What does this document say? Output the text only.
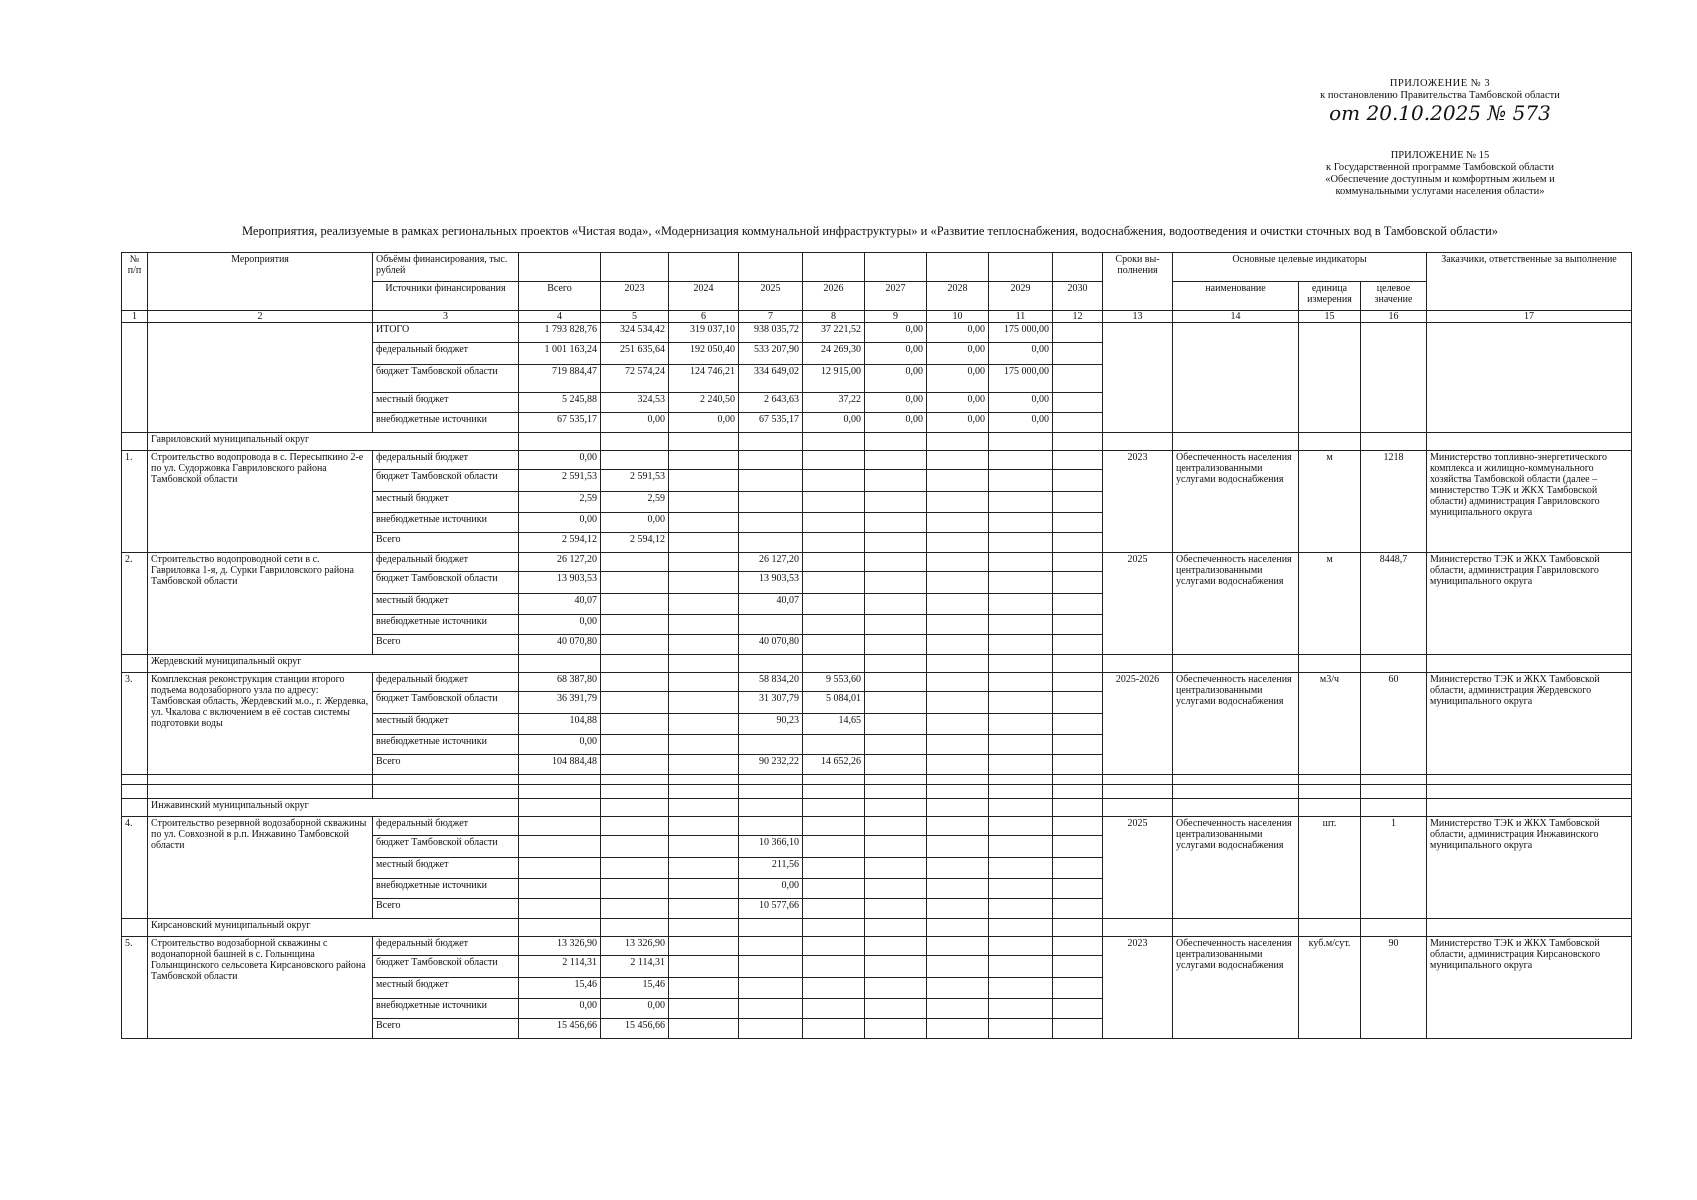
ПРИЛОЖЕНИЕ № 3
к постановлению Правительства Тамбовской области
от 20.10.2025 № 573
ПРИЛОЖЕНИЕ № 15
к Государственной программе Тамбовской области
«Обеспечение доступным и комфортным жильем и
коммунальными услугами населения области»
Мероприятия, реализуемые в рамках региональных проектов «Чистая вода», «Модернизация коммунальной инфраструктуры» и «Развитие теплоснабжения, водоснабжения, водоотведения и очистки сточных вод в Тамбовской области»
№ п/п	Мероприятия	Объёмы финансирования, тыс. рублей										Сроки вы- полнения	Основные целевые индикаторы			Заказчики, ответственные за выполнение
		Источники финансирования	Всего	2023	2024	2025	2026	2027	2028	2029	2030		наименование	единица измерения	целевое значение	
1	2	3	4	5	6	7	8	9	10	11	12	13	14	15	16	17
		ИТОГО	1 793 828,76	324 534,42	319 037,10	938 035,72	37 221,52	0,00	0,00	175 000,00						
		федеральный бюджет	1 001 163,24	251 635,64	192 050,40	533 207,90	24 269,30	0,00	0,00	0,00						
		бюджет Тамбовской области	719 884,47	72 574,24	124 746,21	334 649,02	12 915,00	0,00	0,00	175 000,00						
		местный бюджет	5 245,88	324,53	2 240,50	2 643,63	37,22	0,00	0,00	0,00						
		внебюджетные источники	67 535,17	0,00	0,00	67 535,17	0,00	0,00	0,00	0,00						
	Гавриловский муниципальный округ															
1.	Строительство водопровода в с. Пересыпкино 2-е по ул. Судоржовка Гавриловского района Тамбовской области	федеральный бюджет	0,00									2023	Обеспеченность населения централизованными услугами водоснабжения	м	1218	Министерство топливно-энергетического комплекса и жилищно-коммунального хозяйства Тамбовской области (далее – министерство ТЭК и ЖКХ Тамбовской области) администрация Гавриловского муниципального округа
		бюджет Тамбовской области	2 591,53	2 591,53												
		местный бюджет	2,59	2,59												
		внебюджетные источники	0,00	0,00												
		Всего	2 594,12	2 594,12												
2.	Строительство водопроводной сети в с. Гавриловка 1-я, д. Сурки Гавриловского района Тамбовской области	федеральный бюджет	26 127,20			26 127,20						2025	Обеспеченность населения централизованными услугами водоснабжения	м	8448,7	Министерство ТЭК и ЖКХ Тамбовской области, администрация Гавриловского муниципального округа
		бюджет Тамбовской области	13 903,53			13 903,53										
		местный бюджет	40,07			40,07										
		внебюджетные источники	0,00													
		Всего	40 070,80			40 070,80										
	Жердевский муниципальный округ															
3.	Комплексная реконструкция станции второго подъема водозаборного узла по адресу: Тамбовская область, Жердевский м.о., г. Жердевка, ул. Чкалова с включением в её состав системы подготовки воды	федеральный бюджет	68 387,80			58 834,20	9 553,60					2025-2026	Обеспеченность населения централизованными услугами водоснабжения	м3/ч	60	Министерство ТЭК и ЖКХ Тамбовской области, администрация Жердевского муниципального округа
		бюджет Тамбовской области	36 391,79			31 307,79	5 084,01									
		местный бюджет	104,88			90,23	14,65									
		внебюджетные источники	0,00													
		Всего	104 884,48			90 232,22	14 652,26									

	Инжавинский муниципальный округ															
4.	Строительство резервной водозаборной скважины по ул. Совхозной в р.п. Инжавино Тамбовской области	федеральный бюджет										2025	Обеспеченность населения централизованными услугами водоснабжения	шт.	1	Министерство ТЭК и ЖКХ Тамбовской области, администрация Инжавинского муниципального округа
		бюджет Тамбовской области				10 366,10										
		местный бюджет				211,56										
		внебюджетные источники				0,00										
		Всего				10 577,66										
	Кирсановский муниципальный округ															
5.	Строительство водозаборной скважины с водонапорной башней в с. Голынщина Голынщинского сельсовета Кирсановского района Тамбовской области	федеральный бюджет	13 326,90	13 326,90								2023	Обеспеченность населения централизованными услугами водоснабжения	куб.м/сут.	90	Министерство ТЭК и ЖКХ Тамбовской области, администрация Кирсановского муниципального округа
		бюджет Тамбовской области	2 114,31	2 114,31												
		местный бюджет	15,46	15,46												
		внебюджетные источники	0,00	0,00												
		Всего	15 456,66	15 456,66												
